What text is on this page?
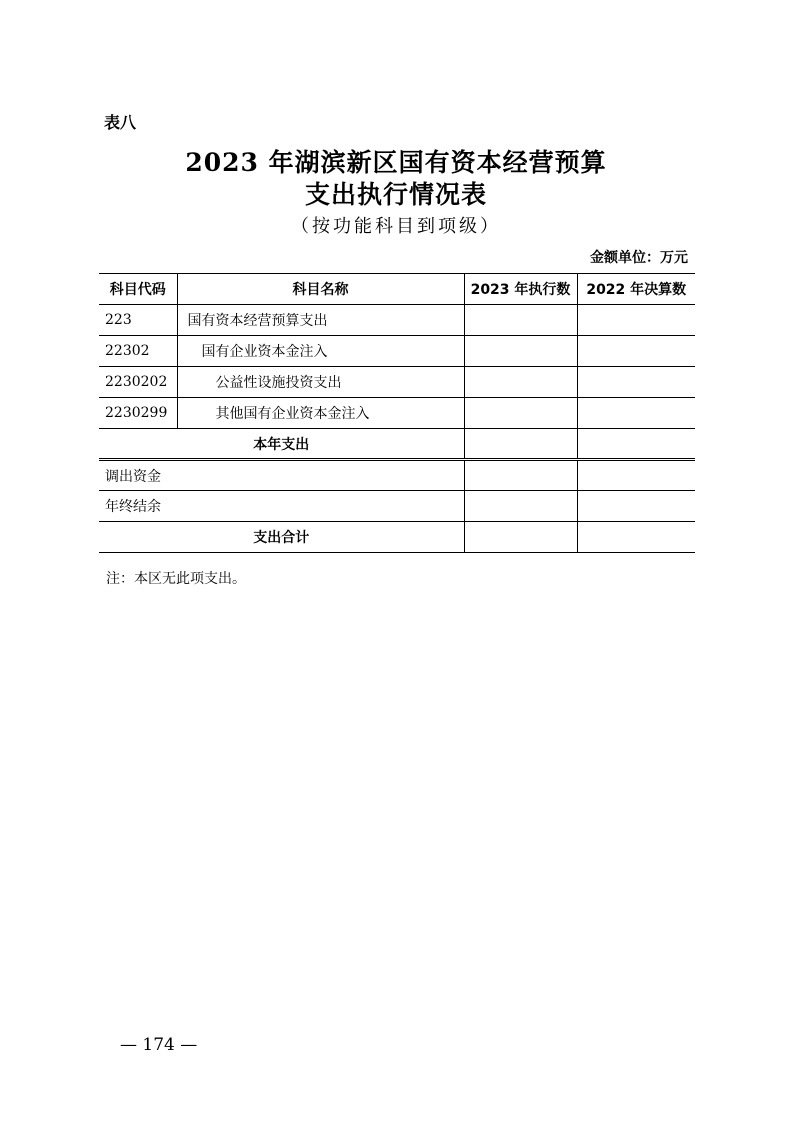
表八
2023 年湖滨新区国有资本经营预算
支出执行情况表
（按功能科目到项级）
金额单位：万元
科目代码	科目名称	2023 年执行数	2022 年决算数
223	国有资本经营预算支出		
22302	国有企业资本金注入		
2230202	公益性设施投资支出		
2230299	其他国有企业资本金注入		
本年支出			
调出资金			
年终结余			
支出合计			
注：本区无此项支出。
— 174 —
